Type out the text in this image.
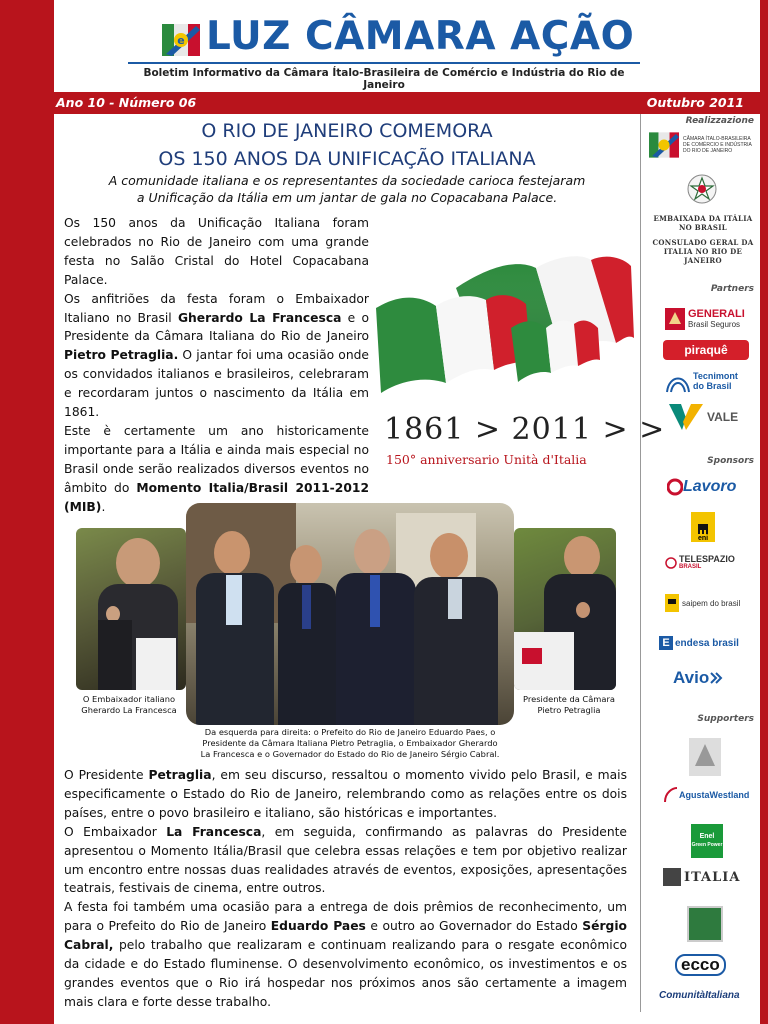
e LUZ CÂMARA AÇÃO
Boletim Informativo da Câmara Ítalo-Brasileira de Comércio e Indústria do Rio de Janeiro
Ano 10 - Número 06	Outubro 2011
O RIO DE JANEIRO COMEMORA
OS 150 ANOS DA UNIFICAÇÃO ITALIANA
A comunidade italiana e os representantes da sociedade carioca festejaram
a Unificação da Itália em um jantar de gala no Copacabana Palace.

Os 150 anos da Unificação Italiana foram celebrados no Rio de Janeiro com uma grande festa no Salão Cristal do Hotel Copacabana Palace.

Os anfitriões da festa foram o Embaixador Italiano no Brasil Gherardo La Francesca e o Presidente da Câmara Italiana do Rio de Janeiro Pietro Petraglia. O jantar foi uma ocasião onde os convidados italianos e brasileiros, celebraram e recordaram juntos o nascimento da Itália em 1861.

Este è certamente um ano historicamente importante para a Itália e ainda mais especial no Brasil onde serão realizados diversos eventos no âmbito do Momento Italia/Brasil 2011-2012 (MIB).

1861 > 2011 > >
150° anniversario Unità d'Italia
O Embaixador italiano
Gherardo La Francesca
Presidente da Câmara
Pietro Petraglia
Da esquerda para direita: o Prefeito do Rio de Janeiro Eduardo Paes, o
Presidente da Câmara Italiana Pietro Petraglia, o Embaixador Gherardo
La Francesca e o Governador do Estado do Rio de Janeiro Sérgio Cabral.

O Presidente Petraglia, em seu discurso, ressaltou o momento vivido pelo Brasil, e mais especificamente o Estado do Rio de Janeiro, relembrando como as relações entre os dois países, entre o povo brasileiro e italiano, são históricas e importantes.

O Embaixador La Francesca, em seguida, confirmando as palavras do Presidente apresentou o Momento Itália/Brasil que celebra essas relações e tem por objetivo realizar um encontro entre nossas duas realidades através de eventos, exposições, apresentações teatrais, festivais de cinema, entre outros.

A festa foi também uma ocasião para a entrega de dois prêmios de reconhecimento, um para o Prefeito do Rio de Janeiro Eduardo Paes e outro ao Governador do Estado Sérgio Cabral, pelo trabalho que realizaram e continuam realizando para o resgate econômico da cidade e do Estado fluminense. O desenvolvimento econômico, os investimentos e os grandes eventos que o Rio irá hospedar nos próximos anos são certamente a imagem mais clara e forte desse trabalho.

Realizzazione
CÂMARA ÍTALO-BRASILEIRA
DE COMÉRCIO E INDÚSTRIA
DO RIO DE JANEIRO
EMBAIXADA DA ITÁLIA
NO BRASIL
CONSULADO GERAL DA
ITALIA NO RIO DE JANEIRO
Partners
GENERALI
Brasil Seguros
piraquê
Tecnimont
do Brasil
VALE
Sponsors
Lavoro
eni
TELESPAZIO
BRASIL
saipem do brasil
E endesa brasil
Avio
Supporters
AgustaWestland
Enel
Green Power
ITALIA
ecco
ComunitàItaliana
